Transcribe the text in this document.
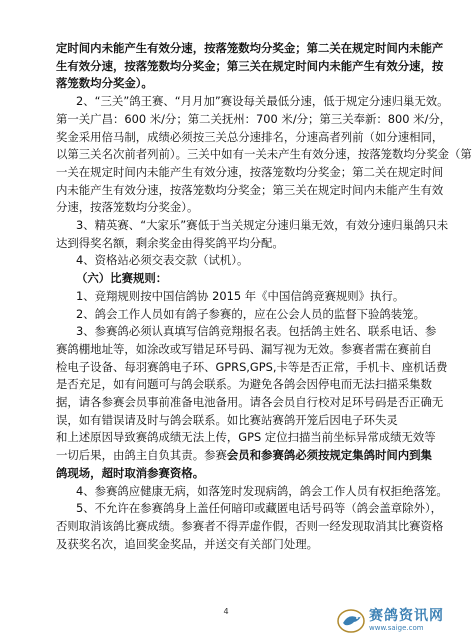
定时间内未能产生有效分速，按落笼数均分奖金；第二关在规定时间内未能产
生有效分速，按落笼数均分奖金；第三关在规定时间内未能产生有效分速，按
落笼数均分奖金）。
2、“三关”鸽王赛、“月月加”赛设每关最低分速，低于规定分速归巢无效。
第一关广昌：600 米/分；第二关抚州：700 米/分；第三关奉新：800 米/分，
奖金采用倍马制，成绩必须按三关总分速排名，分速高者列前（如分速相同，
以第三关名次前者列前）。三关中如有一关未产生有效分速，按落笼数均分奖金（第
一关在规定时间内未能产生有效分速，按落笼数均分奖金；第二关在规定时间
内未能产生有效分速，按落笼数均分奖金；第三关在规定时间内未能产生有效
分速，按落笼数均分奖金）。
3、精英赛、“大家乐”赛低于当关规定分速归巢无效，有效分速归巢鸽只未
达到得奖名额，剩余奖金由得奖鸽平均分配。
4、资格站必须交表交款（试机）。
（六）比赛规则：
1、竞翔规则按中国信鸽协 2015 年《中国信鸽竞赛规则》执行。
2、鸽会工作人员如有鸽子参赛的，应在公会人员的监督下验鸽装笼。
3、参赛鸽必须认真填写信鸽竞翔报名表。包括鸽主姓名、联系电话、参
赛鸽棚地址等，如涂改或写错足环号码、漏写视为无效。参赛者需在赛前自
检电子设备、每羽赛鸽电子环、GPRS,GPS,卡等是否正常，手机卡、座机话费
是否充足，如有问题可与鸽会联系。为避免各鸽会因停电而无法扫描采集数
据，请各参赛会员事前准备电池备用。请各会员自行校对足环号码是否正确无
误，如有错误请及时与鸽会联系。如比赛站赛鸽开笼后因电子环失灵
和上述原因导致赛鸽成绩无法上传，GPS 定位扫描当前坐标异常成绩无效等
一切后果，由鸽主自负其责。参赛会员和参赛鸽必须按规定集鸽时间内到集
鸽现场，超时取消参赛资格。
4、参赛鸽应健康无病，如落笼时发现病鸽，鸽会工作人员有权拒绝落笼。
5、不允许在参赛鸽身上盖任何暗印或藏匿电话号码等（鸽会盖章除外），
否则取消该鸽比赛成绩。参赛者不得弄虚作假，否则一经发现取消其比赛资格
及获奖名次，追回奖金奖品，并送交有关部门处理。
4	赛鸽资讯网
www.saige.com
